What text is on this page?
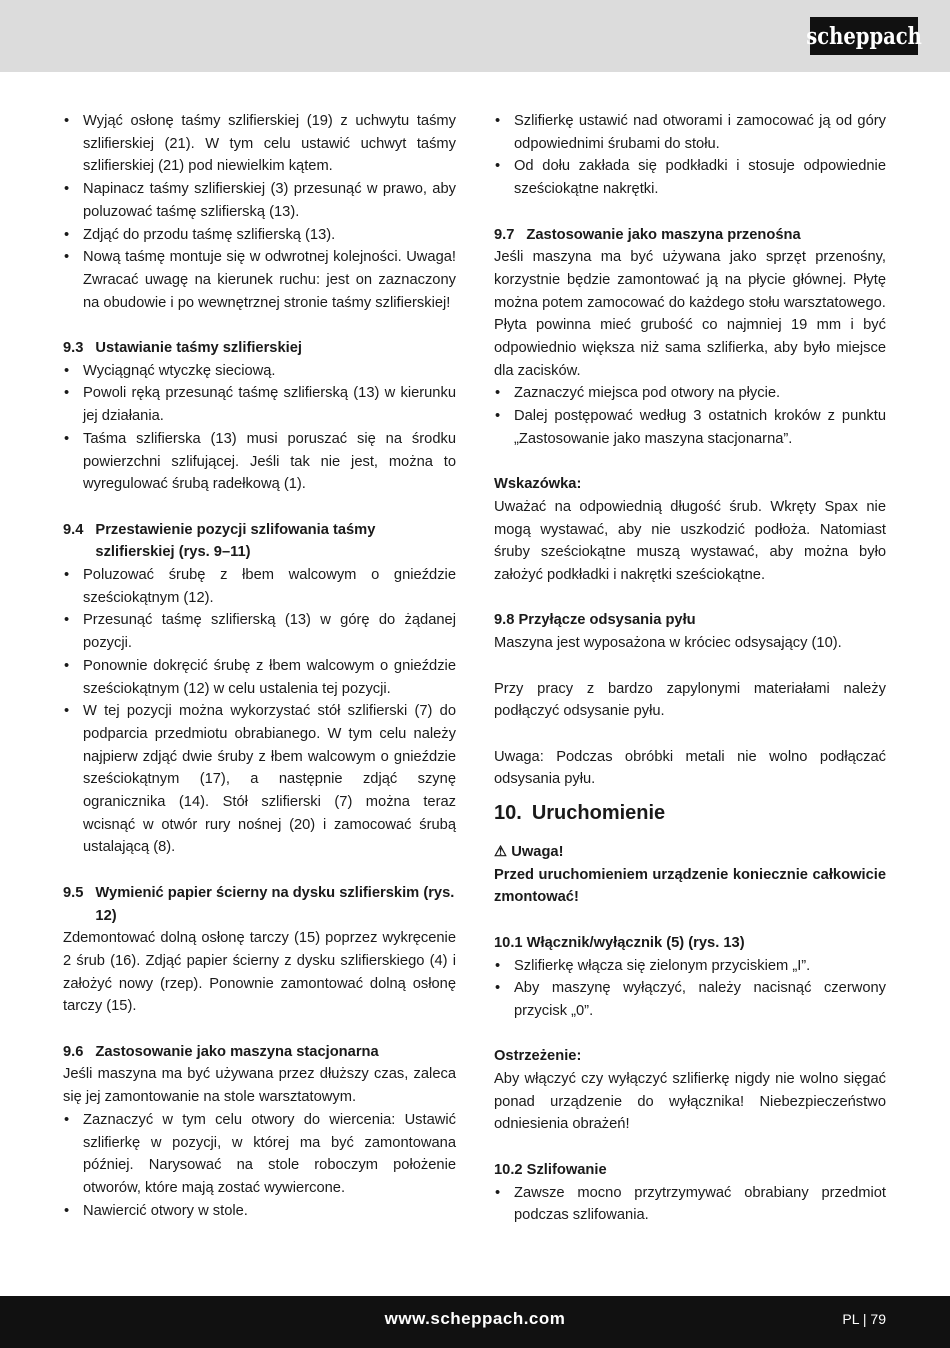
scheppach
• Wyjąć osłonę taśmy szlifierskiej (19) z uchwytu taśmy szlifierskiej (21). W tym celu ustawić uchwyt taśmy szlifierskiej (21) pod niewielkim kątem.
• Napinacz taśmy szlifierskiej (3) przesunąć w prawo, aby poluzować taśmę szlifierską (13).
• Zdjąć do przodu taśmę szlifierską (13).
• Nową taśmę montuje się w odwrotnej kolejności. Uwaga! Zwracać uwagę na kierunek ruchu: jest on zaznaczony na obudowie i po wewnętrznej stronie taśmy szlifierskiej!
9.3 Ustawianie taśmy szlifierskiej
• Wyciągnąć wtyczkę sieciową.
• Powoli ręką przesunąć taśmę szlifierską (13) w kierunku jej działania.
• Taśma szlifierska (13) musi poruszać się na środku powierzchni szlifującej. Jeśli tak nie jest, można to wyregulować śrubą radełkową (1).
9.4 Przestawienie pozycji szlifowania taśmy szlifierskiej (rys. 9–11)
• Poluzować śrubę z łbem walcowym o gnieździe sześciokątnym (12).
• Przesunąć taśmę szlifierską (13) w górę do żądanej pozycji.
• Ponownie dokręcić śrubę z łbem walcowym o gnieździe sześciokątnym (12) w celu ustalenia tej pozycji.
• W tej pozycji można wykorzystać stół szlifierski (7) do podparcia przedmiotu obrabianego. W tym celu należy najpierw zdjąć dwie śruby z łbem walcowym o gnieździe sześciokątnym (17), a następnie zdjąć szynę ogranicznika (14). Stół szlifierski (7) można teraz wcisnąć w otwór rury nośnej (20) i zamocować śrubą ustalającą (8).
9.5 Wymienić papier ścierny na dysku szlifierskim (rys. 12)

Zdemontować dolną osłonę tarczy (15) poprzez wykręcenie 2 śrub (16). Zdjąć papier ścierny z dysku szlifierskiego (4) i założyć nowy (rzep). Ponownie zamontować dolną osłonę tarczy (15).

9.6 Zastosowanie jako maszyna stacjonarna

Jeśli maszyna ma być używana przez dłuższy czas, zaleca się jej zamontowanie na stole warsztatowym.

• Zaznaczyć w tym celu otwory do wiercenia: Ustawić szlifierkę w pozycji, w której ma być zamontowana później. Narysować na stole roboczym położenie otworów, które mają zostać wywiercone.
• Nawiercić otwory w stole.
• Szlifierkę ustawić nad otworami i zamocować ją od góry odpowiednimi śrubami do stołu.
• Od dołu zakłada się podkładki i stosuje odpowiednie sześciokątne nakrętki.
9.7 Zastosowanie jako maszyna przenośna

Jeśli maszyna ma być używana jako sprzęt przenośny, korzystnie będzie zamontować ją na płycie głównej. Płytę można potem zamocować do każdego stołu warsztatowego.

Płyta powinna mieć grubość co najmniej 19 mm i być odpowiednio większa niż sama szlifierka, aby było miejsce dla zacisków.

• Zaznaczyć miejsca pod otwory na płycie.
• Dalej postępować według 3 ostatnich kroków z punktu „Zastosowanie jako maszyna stacjonarna”.
Wskazówka:

Uważać na odpowiednią długość śrub. Wkręty Spax nie mogą wystawać, aby nie uszkodzić podłoża. Natomiast śruby sześciokątne muszą wystawać, aby można było założyć podkładki i nakrętki sześciokątne.

9.8 Przyłącze odsysania pyłu

Maszyna jest wyposażona w króciec odsysający (10).

Przy pracy z bardzo zapylonymi materiałami należy podłączyć odsysanie pyłu.

Uwaga: Podczas obróbki metali nie wolno podłączać odsysania pyłu.

10. Uruchomienie
⚠ Uwaga!

Przed uruchomieniem urządzenie koniecznie całkowicie zmontować!

10.1 Włącznik/wyłącznik (5) (rys. 13)
• Szlifierkę włącza się zielonym przyciskiem „I”.
• Aby maszynę wyłączyć, należy nacisnąć czerwony przycisk „0”.
Ostrzeżenie:

Aby włączyć czy wyłączyć szlifierkę nigdy nie wolno sięgać ponad urządzenie do wyłącznika! Niebezpieczeństwo odniesienia obrażeń!

10.2 Szlifowanie
• Zawsze mocno przytrzymywać obrabiany przedmiot podczas szlifowania.
www.scheppach.com	PL | 79
